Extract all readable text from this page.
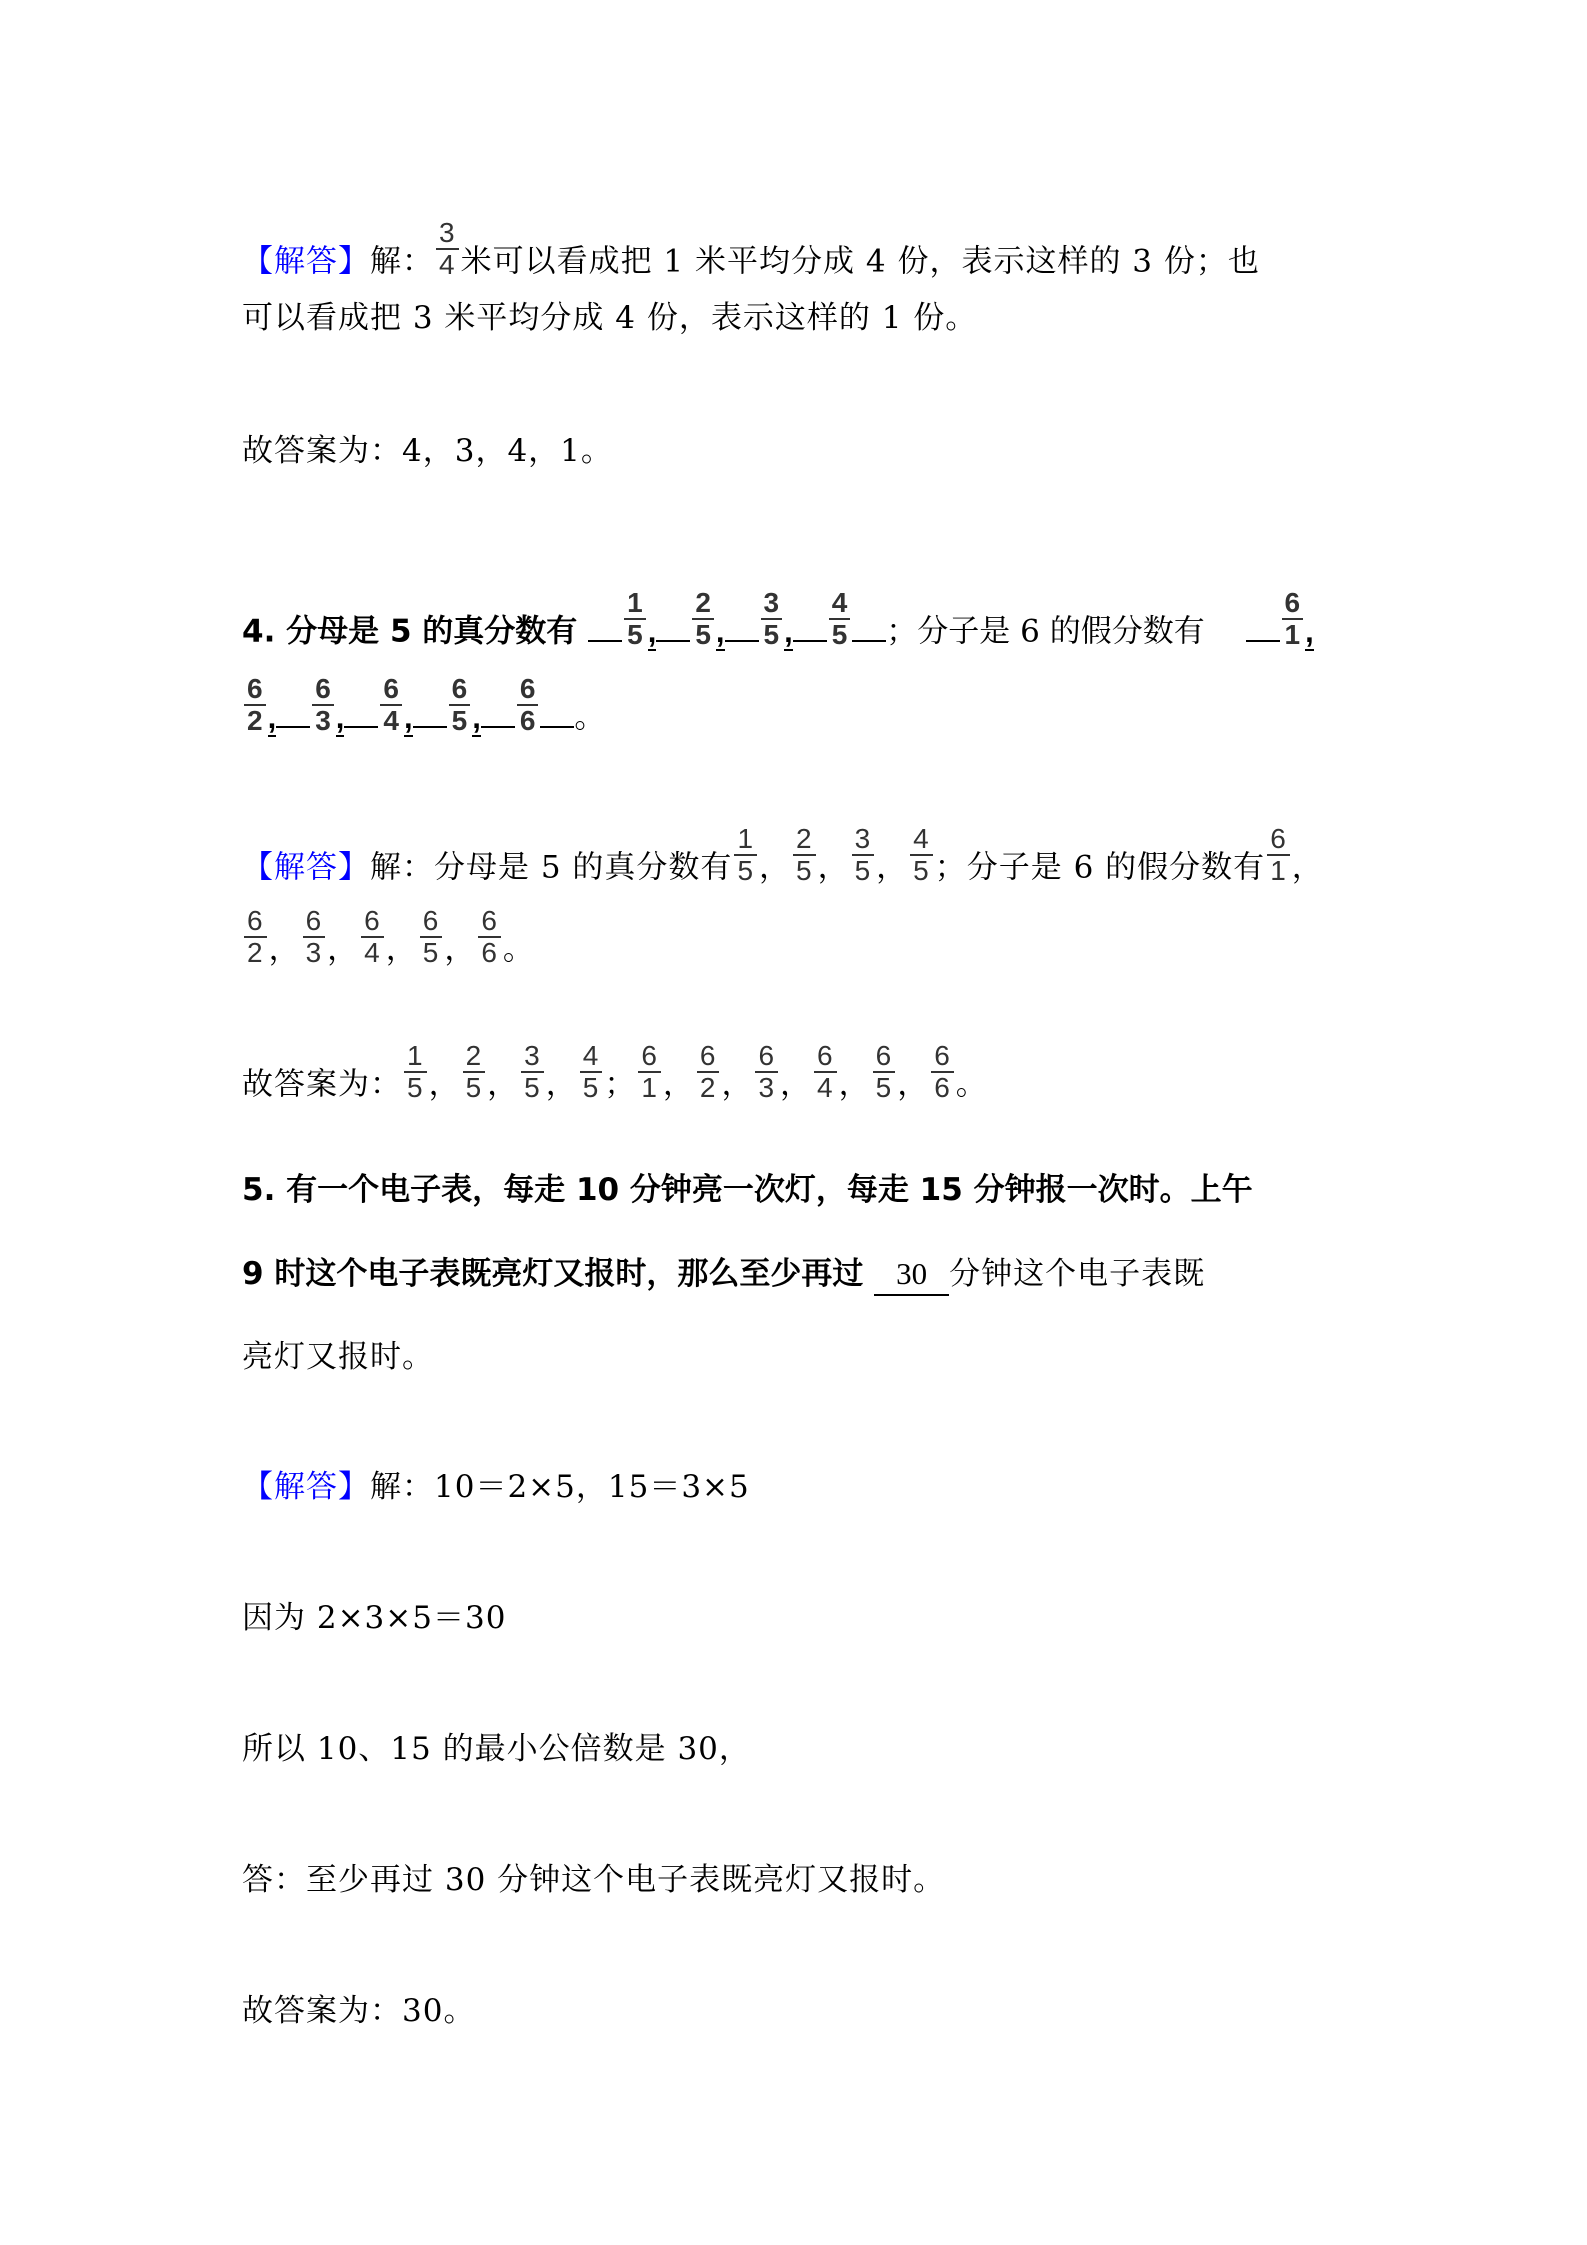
【解答】解： $\frac{3}{4}$ 米可以看成把 1 米平均分成 4 份，表示这样的 3 份；也
可以看成把 3 米平均分成 4 份，表示这样的 1 份。
故答案为：4，3，4，1。
4. 分母是 5 的真分数有 $\frac{1}{5}$ , $\frac{2}{5}$ , $\frac{3}{5}$ , $\frac{4}{5}$ ；分子是 6 的假分数有	$\frac{6}{1}$ ,
$\frac{6}{2}$ , $\frac{6}{3}$ , $\frac{6}{4}$ , $\frac{6}{5}$ , $\frac{6}{6}$ 。
【解答】解：分母是 5 的真分数有 $\frac{1}{5}$ ， $\frac{2}{5}$ ， $\frac{3}{5}$ ， $\frac{4}{5}$ ；分子是 6 的假分数有 $\frac{6}{1}$ ，
$\frac{6}{2}$ ， $\frac{6}{3}$ ， $\frac{6}{4}$ ， $\frac{6}{5}$ ， $\frac{6}{6}$ 。
故答案为： $\frac{1}{5}$ ， $\frac{2}{5}$ ， $\frac{3}{5}$ ， $\frac{4}{5}$ ； $\frac{6}{1}$ ， $\frac{6}{2}$ ， $\frac{6}{3}$ ， $\frac{6}{4}$ ， $\frac{6}{5}$ ， $\frac{6}{6}$ 。
5. 有一个电子表，每走 10 分钟亮一次灯，每走 15 分钟报一次时。上午
9 时这个电子表既亮灯又报时，那么至少再过 30 分钟这个电子表既
亮灯又报时。
【解答】解：10＝2×5，15＝3×5
因为 2×3×5＝30
所以 10、15 的最小公倍数是 30，
答：至少再过 30 分钟这个电子表既亮灯又报时。
故答案为：30。
